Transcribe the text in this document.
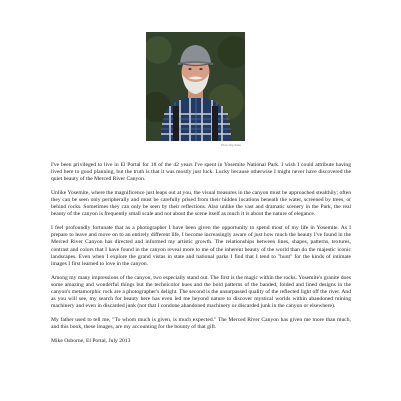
Photo: Ray Salas

I've been privileged to live in El Portal for 18 of the 42 years I've spent in Yosemite National Park. I wish I could attribute having lived here to good planning, but the truth is that it was mostly just luck. Lucky because otherwise I might never have discovered the quiet beauty of the Merced River Canyon.

Unlike Yosemite, where the magnificence just leaps out at you, the visual treasures in the canyon must be approached stealthily; often they can be seen only peripherally and must be carefully prised from their hidden locations beneath the water, screened by trees, or behind rocks. Sometimes they can only be seen by their reflections. Also unlike the vast and dramatic scenery in the Park, the real beauty of the canyon is frequently small scale and not about the scene itself as much it is about the nature of elegance.

I feel profoundly fortunate that as a photographer I have been given the opportunity to spend most of my life in Yosemite. As I prepare to leave and move on to an entirely different life, I become increasingly aware of just how much the beauty I've found in the Merced River Canyon has directed and informed my artistic growth. The relationships between lines, shapes, patterns, textures, contrast and colors that I have found in the canyon reveal more to me of the inherent beauty of the world than do the majestic iconic landscapes. Even when I explore the grand vistas in state and national parks I find that I tend to "hunt" for the kinds of intimate images I first learned to love in the canyon.

Among my many impressions of the canyon, two especially stand out. The first is the magic within the rocks. Yosemite's granite does some amazing and wonderful things but the technicolor hues and the bold patterns of the banded, folded and lined designs in the canyon's metamorphic rock are a photographer's delight. The second is the unsurpassed quality of the reflected light off the river. And as you will see, my search for beauty here has even led me beyond nature to discover mystical worlds within abandoned mining machinery and even in discarded junk (not that I condone abandoned machinery or discarded junk in the canyon or elsewhere).

My father used to tell me, "To whom much is given, is much expected." The Merced River Canyon has given me more than much, and this book, these images, are my accounting for the bounty of that gift.

Mike Osborne, El Portal, July 2013
